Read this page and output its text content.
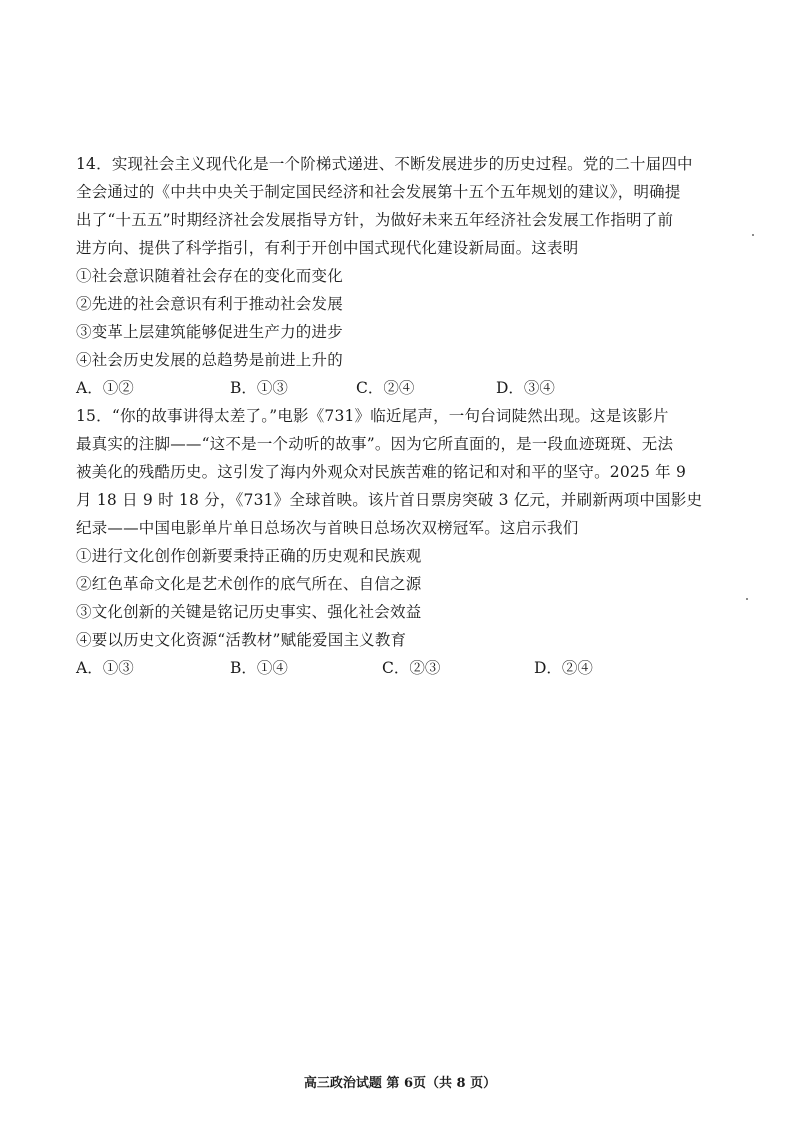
14．实现社会主义现代化是一个阶梯式递进、不断发展进步的历史过程。党的二十届四中
全会通过的《中共中央关于制定国民经济和社会发展第十五个五年规划的建议》，明确提
出了“十五五”时期经济社会发展指导方针，为做好未来五年经济社会发展工作指明了前
进方向、提供了科学指引，有利于开创中国式现代化建设新局面。这表明
①社会意识随着社会存在的变化而变化
②先进的社会意识有利于推动社会发展
③变革上层建筑能够促进生产力的进步
④社会历史发展的总趋势是前进上升的
A．①②	B．①③	C．②④	D．③④
15．“你的故事讲得太差了。”电影《731》临近尾声，一句台词陡然出现。这是该影片
最真实的注脚——“这不是一个动听的故事”。因为它所直面的，是一段血迹斑斑、无法
被美化的残酷历史。这引发了海内外观众对民族苦难的铭记和对和平的坚守。2025 年 9
月 18 日 9 时 18 分，《731》全球首映。该片首日票房突破 3 亿元，并刷新两项中国影史
纪录——中国电影单片单日总场次与首映日总场次双榜冠军。这启示我们
①进行文化创作创新要秉持正确的历史观和民族观
②红色革命文化是艺术创作的底气所在、自信之源
③文化创新的关键是铭记历史事实、强化社会效益
④要以历史文化资源“活教材”赋能爱国主义教育
A．①③	B．①④	C．②③	D．②④
高三政治试题 第 6页（共 8 页）
